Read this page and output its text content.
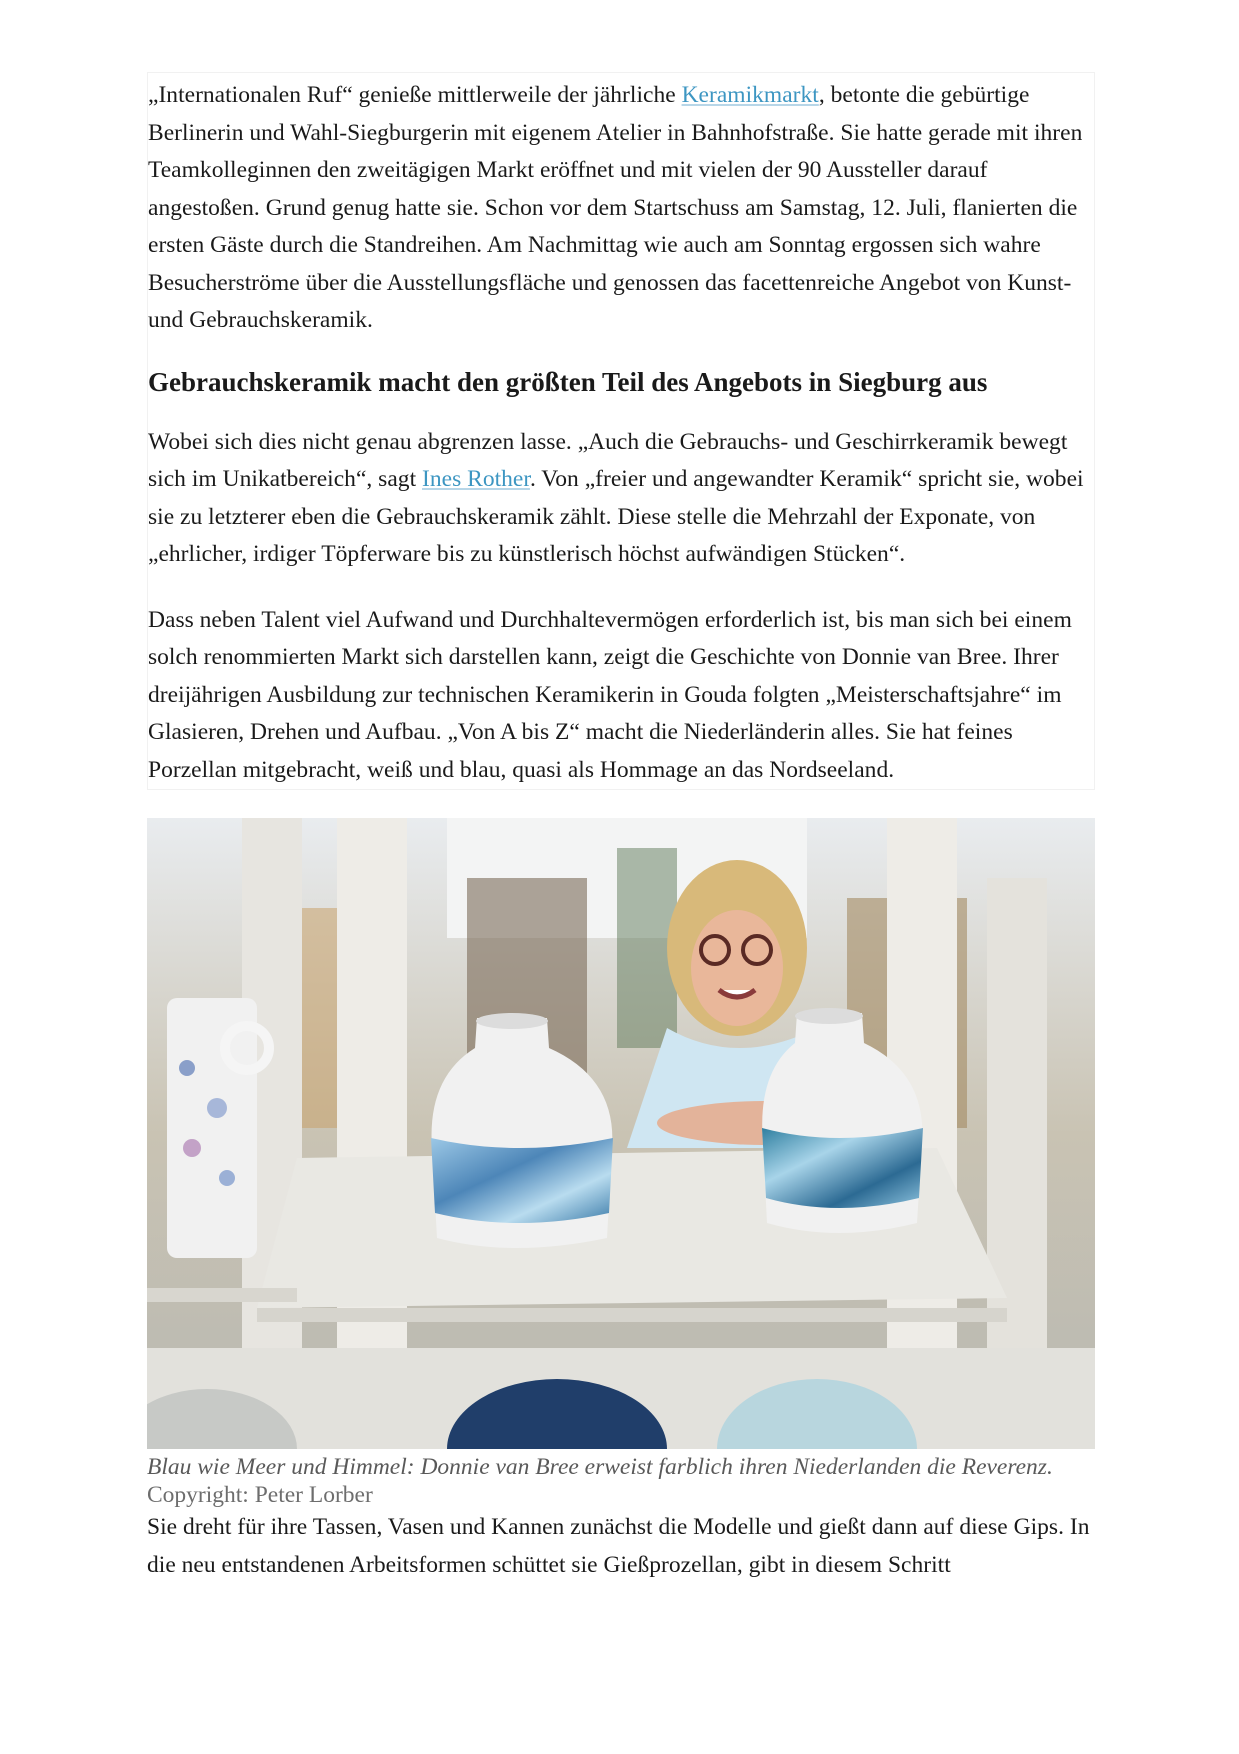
„Internationalen Ruf“ genieße mittlerweile der jährliche Keramikmarkt, betonte die gebürtige Berlinerin und Wahl-Siegburgerin mit eigenem Atelier in Bahnhofstraße. Sie hatte gerade mit ihren Teamkolleginnen den zweitägigen Markt eröffnet und mit vielen der 90 Aussteller darauf angestoßen. Grund genug hatte sie. Schon vor dem Startschuss am Samstag, 12. Juli, flanierten die ersten Gäste durch die Standreihen. Am Nachmittag wie auch am Sonntag ergossen sich wahre Besucherströme über die Ausstellungsfläche und genossen das facettenreiche Angebot von Kunst- und Gebrauchskeramik.

Gebrauchskeramik macht den größten Teil des Angebots in Siegburg aus

Wobei sich dies nicht genau abgrenzen lasse. „Auch die Gebrauchs- und Geschirrkeramik bewegt sich im Unikatbereich“, sagt Ines Rother. Von „freier und angewandter Keramik“ spricht sie, wobei sie zu letzterer eben die Gebrauchskeramik zählt. Diese stelle die Mehrzahl der Exponate, von „ehrlicher, irdiger Töpferware bis zu künstlerisch höchst aufwändigen Stücken“.

Dass neben Talent viel Aufwand und Durchhaltevermögen erforderlich ist, bis man sich bei einem solch renommierten Markt sich darstellen kann, zeigt die Geschichte von Donnie van Bree. Ihrer dreijährigen Ausbildung zur technischen Keramikerin in Gouda folgten „Meisterschaftsjahre“ im Glasieren, Drehen und Aufbau. „Von A bis Z“ macht die Niederländerin alles. Sie hat feines Porzellan mitgebracht, weiß und blau, quasi als Hommage an das Nordseeland.

Blau wie Meer und Himmel: Donnie van Bree erweist farblich ihren Niederlanden die Reverenz.
Copyright: Peter Lorber

Sie dreht für ihre Tassen, Vasen und Kannen zunächst die Modelle und gießt dann auf diese Gips. In die neu entstandenen Arbeitsformen schüttet sie Gießprozellan, gibt in diesem Schritt
